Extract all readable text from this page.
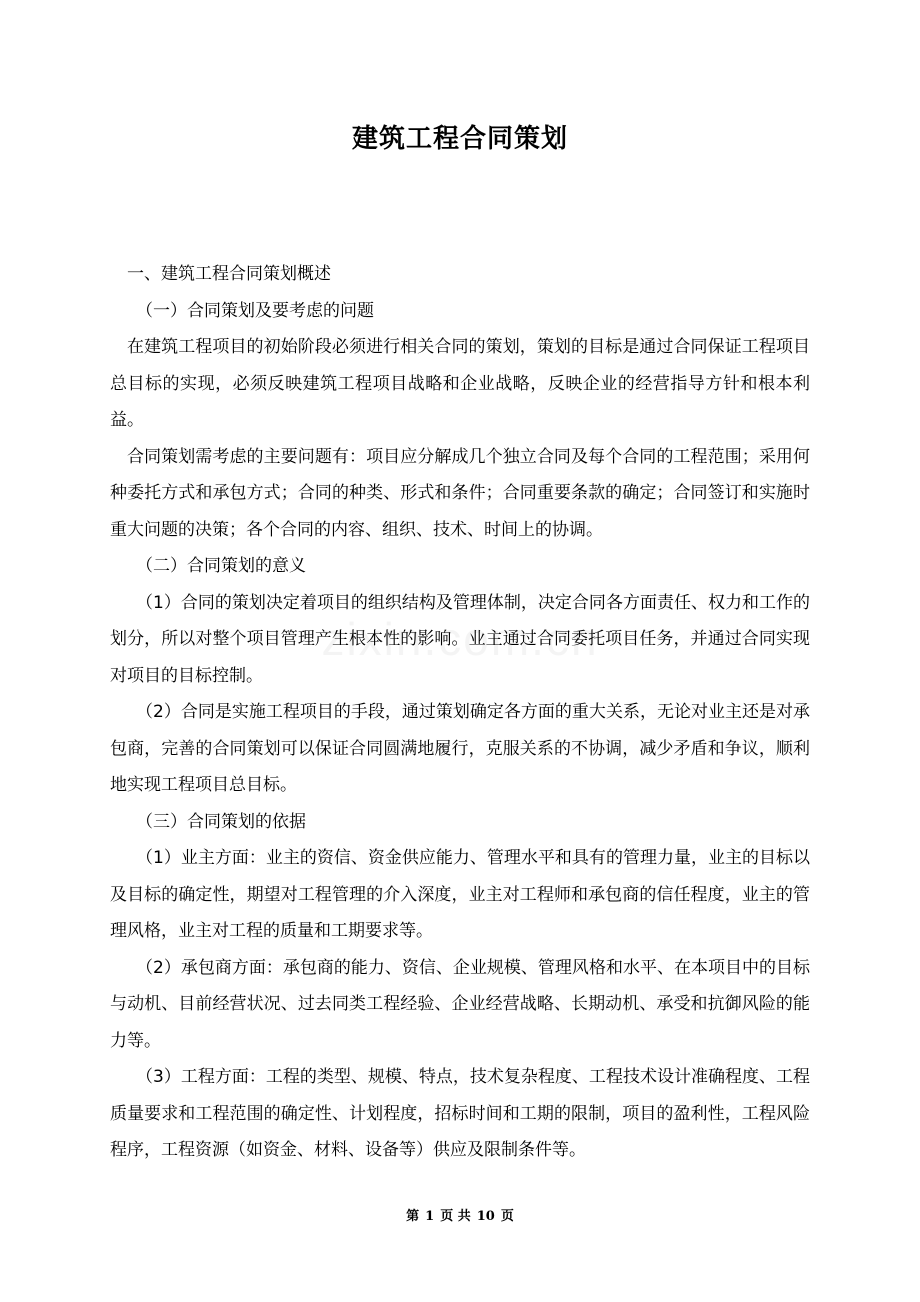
建筑工程合同策划

一、建筑工程合同策划概述

（一）合同策划及要考虑的问题

在建筑工程项目的初始阶段必须进行相关合同的策划，策划的目标是通过合同保证工程项目总目标的实现，必须反映建筑工程项目战略和企业战略，反映企业的经营指导方针和根本利益。

合同策划需考虑的主要问题有：项目应分解成几个独立合同及每个合同的工程范围；采用何种委托方式和承包方式；合同的种类、形式和条件；合同重要条款的确定；合同签订和实施时重大问题的决策；各个合同的内容、组织、技术、时间上的协调。

（二）合同策划的意义

（1）合同的策划决定着项目的组织结构及管理体制，决定合同各方面责任、权力和工作的划分，所以对整个项目管理产生根本性的影响。业主通过合同委托项目任务，并通过合同实现对项目的目标控制。

（2）合同是实施工程项目的手段，通过策划确定各方面的重大关系，无论对业主还是对承包商，完善的合同策划可以保证合同圆满地履行，克服关系的不协调，减少矛盾和争议，顺利地实现工程项目总目标。

（三）合同策划的依据

（1）业主方面：业主的资信、资金供应能力、管理水平和具有的管理力量，业主的目标以及目标的确定性，期望对工程管理的介入深度，业主对工程师和承包商的信任程度，业主的管理风格，业主对工程的质量和工期要求等。

（2）承包商方面：承包商的能力、资信、企业规模、管理风格和水平、在本项目中的目标与动机、目前经营状况、过去同类工程经验、企业经营战略、长期动机、承受和抗御风险的能力等。

（3）工程方面：工程的类型、规模、特点，技术复杂程度、工程技术设计准确程度、工程质量要求和工程范围的确定性、计划程度，招标时间和工期的限制，项目的盈利性，工程风险程序，工程资源（如资金、材料、设备等）供应及限制条件等。

第 1 页 共 10 页
